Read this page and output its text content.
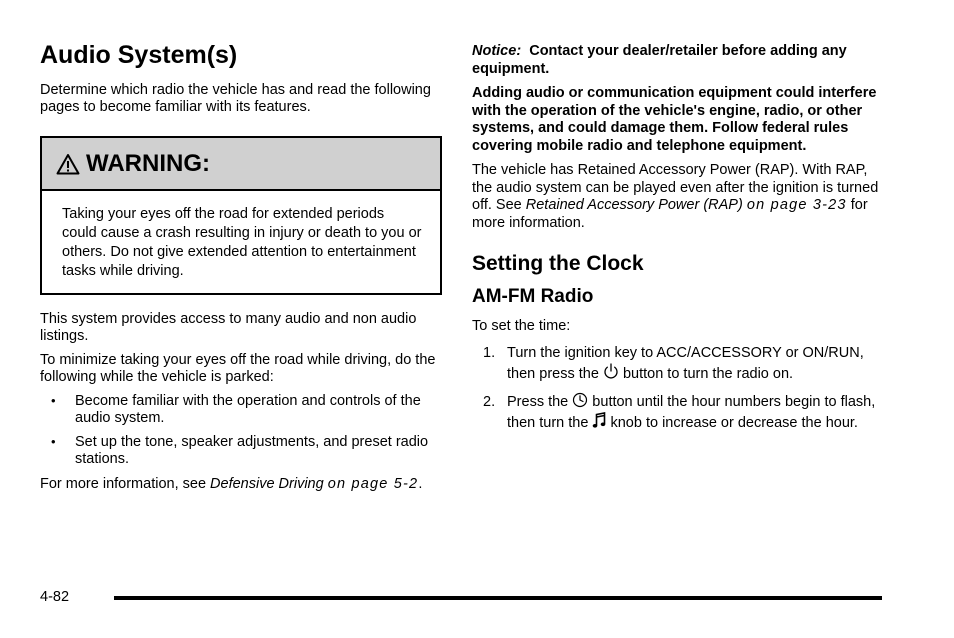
Audio System(s)

Determine which radio the vehicle has and read the following pages to become familiar with its features.

WARNING:
Taking your eyes off the road for extended periods could cause a crash resulting in injury or death to you or others. Do not give extended attention to entertainment tasks while driving.

This system provides access to many audio and non audio listings.

To minimize taking your eyes off the road while driving, do the following while the vehicle is parked:

• Become familiar with the operation and controls of the audio system.
• Set up the tone, speaker adjustments, and preset radio stations.

For more information, see Defensive Driving on page 5-2.

Notice: Contact your dealer/retailer before adding any equipment.

Adding audio or communication equipment could interfere with the operation of the vehicle's engine, radio, or other systems, and could damage them. Follow federal rules covering mobile radio and telephone equipment.

The vehicle has Retained Accessory Power (RAP). With RAP, the audio system can be played even after the ignition is turned off. See Retained Accessory Power (RAP) on page 3-23 for more information.

Setting the Clock
AM-FM Radio

To set the time:

1. Turn the ignition key to ACC/ACCESSORY or ON/RUN, then press the  button to turn the radio on.
2. Press the  button until the hour numbers begin to flash, then turn the  knob to increase or decrease the hour.
4-82
